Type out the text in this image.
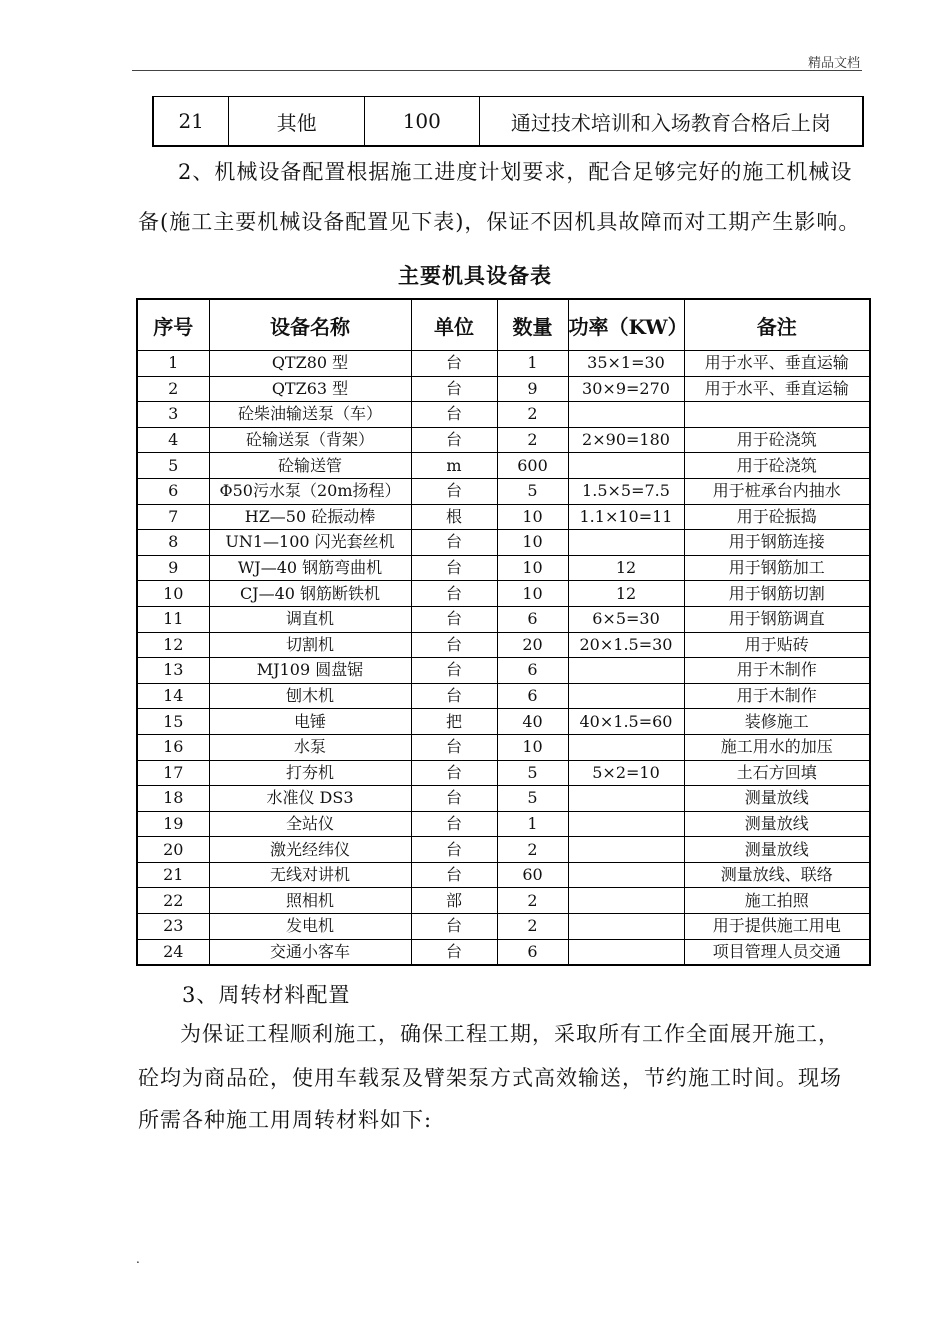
精品文档
21	其他	100	通过技术培训和入场教育合格后上岗
2、机械设备配置根据施工进度计划要求，配合足够完好的施工机械设
备(施工主要机械设备配置见下表)，保证不因机具故障而对工期产生影响。
主要机具设备表
序号	设备名称	单位	数量	功率（KW）	备注
1	QTZ80 型	台	1	35×1=30	用于水平、垂直运输
2	QTZ63 型	台	9	30×9=270	用于水平、垂直运输
3	砼柴油输送泵（车）	台	2		
4	砼输送泵（背架）	台	2	2×90=180	用于砼浇筑
5	砼输送管	m	600		用于砼浇筑
6	Φ50污水泵（20m扬程）	台	5	1.5×5=7.5	用于桩承台内抽水
7	HZ—50 砼振动棒	根	10	1.1×10=11	用于砼振捣
8	UN1—100 闪光套丝机	台	10		用于钢筋连接
9	WJ—40 钢筋弯曲机	台	10	12	用于钢筋加工
10	CJ—40 钢筋断铁机	台	10	12	用于钢筋切割
11	调直机	台	6	6×5=30	用于钢筋调直
12	切割机	台	20	20×1.5=30	用于贴砖
13	MJ109 圆盘锯	台	6		用于木制作
14	刨木机	台	6		用于木制作
15	电锤	把	40	40×1.5=60	装修施工
16	水泵	台	10		施工用水的加压
17	打夯机	台	5	5×2=10	土石方回填
18	水准仪 DS3	台	5		测量放线
19	全站仪	台	1		测量放线
20	激光经纬仪	台	2		测量放线
21	无线对讲机	台	60		测量放线、联络
22	照相机	部	2		施工拍照
23	发电机	台	2		用于提供施工用电
24	交通小客车	台	6		项目管理人员交通
3、周转材料配置
为保证工程顺利施工，确保工程工期，采取所有工作全面展开施工，
砼均为商品砼，使用车载泵及臂架泵方式高效输送，节约施工时间。现场
所需各种施工用周转材料如下:
.
